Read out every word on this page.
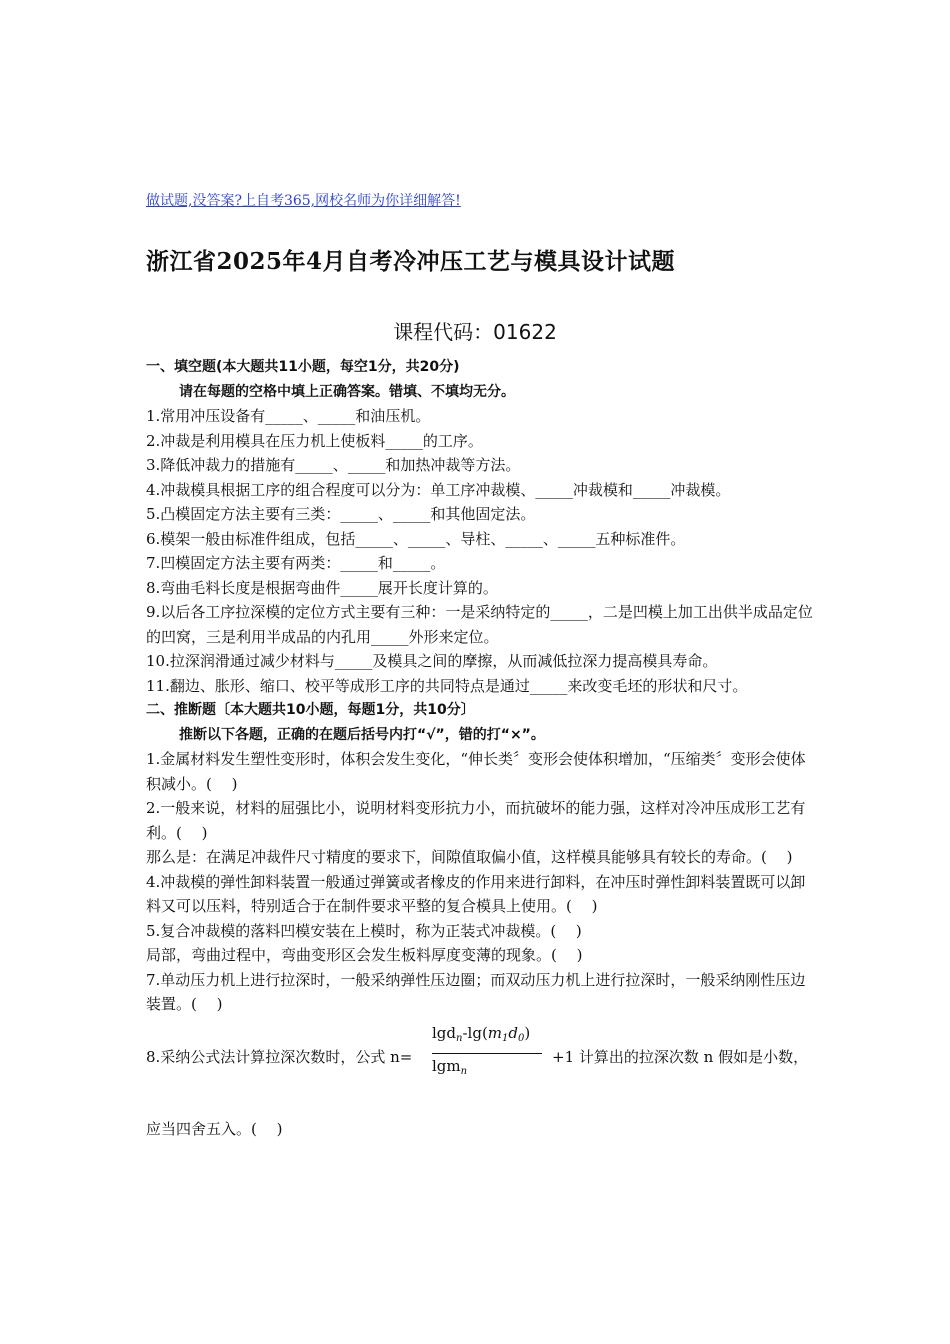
做试题,没答案?上自考365,网校名师为你详细解答!
浙江省2025年4月自考冷冲压工艺与模具设计试题
课程代码：01622
一、填空题(本大题共11小题，每空1分，共20分)
请在每题的空格中填上正确答案。错填、不填均无分。

1.常用冲压设备有_____、_____和油压机。

2.冲裁是利用模具在压力机上使板料_____的工序。

3.降低冲裁力的措施有_____、_____和加热冲裁等方法。

4.冲裁模具根据工序的组合程度可以分为：单工序冲裁模、_____冲裁模和_____冲裁模。

5.凸模固定方法主要有三类：_____、_____和其他固定法。

6.模架一般由标准件组成，包括_____、_____、导柱、_____、_____五种标准件。

7.凹模固定方法主要有两类：_____和_____。

8.弯曲毛料长度是根据弯曲件_____展开长度计算的。

9.以后各工序拉深模的定位方式主要有三种：一是采纳特定的_____，二是凹模上加工出供半成品定位的凹窝，三是利用半成品的内孔用_____外形来定位。

10.拉深润滑通过减少材料与_____及模具之间的摩擦，从而减低拉深力提高模具寿命。

11.翻边、胀形、缩口、校平等成形工序的共同特点是通过_____来改变毛坯的形状和尺寸。

二、推断题〔本大题共10小题，每题1分，共10分〕
推断以下各题，正确的在题后括号内打“√”，错的打“×”。

1.金属材料发生塑性变形时，体积会发生变化，“伸长类〞变形会使体积增加，“压缩类〞变形会使体积减小。(　 )

2.一般来说，材料的屈强比小，说明材料变形抗力小，而抗破坏的能力强，这样对冷冲压成形工艺有利。(　 )

那么是：在满足冲裁件尺寸精度的要求下，间隙值取偏小值，这样模具能够具有较长的寿命。(　 )

4.冲裁模的弹性卸料装置一般通过弹簧或者橡皮的作用来进行卸料，在冲压时弹性卸料装置既可以卸料又可以压料，特别适合于在制件要求平整的复合模具上使用。(　 )

5.复合冲裁模的落料凹模安装在上模时，称为正装式冲裁模。(　 )

局部，弯曲过程中，弯曲变形区会发生板料厚度变薄的现象。(　 )

7.单动压力机上进行拉深时，一般采纳弹性压边圈；而双动压力机上进行拉深时，一般采纳刚性压边装置。(　 )

8.采纳公式法计算拉深次数时，公式 $n= \frac{\lg d_n-\lg(m_1d_0)}{\lg m_n} +1$ 计算出的拉深次数 n 假如是小数，

应当四舍五入。(　 )
